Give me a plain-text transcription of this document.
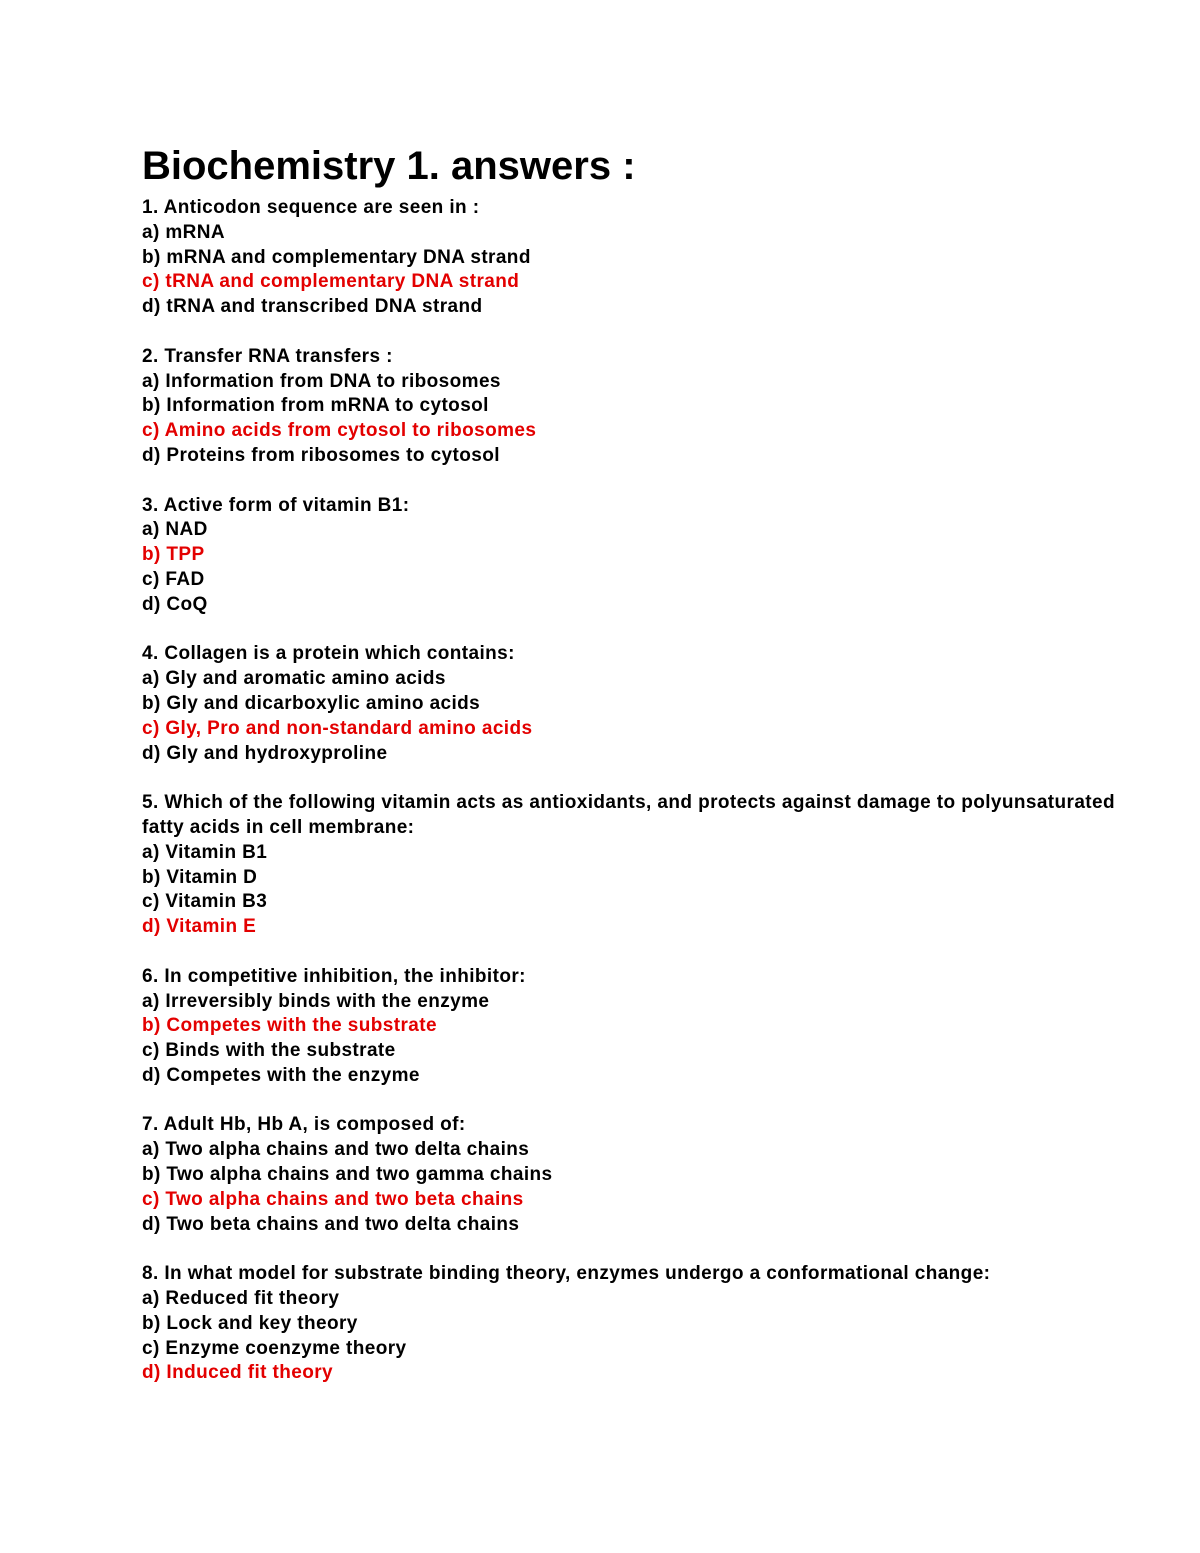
Biochemistry 1. answers :
1. Anticodon sequence are seen in :
a) mRNA
b) mRNA and complementary DNA strand
c) tRNA and complementary DNA strand
d) tRNA and transcribed DNA strand
2. Transfer RNA transfers :
a) Information from DNA to ribosomes
b) Information from mRNA to cytosol
c) Amino acids from cytosol to ribosomes
d) Proteins from ribosomes to cytosol
3. Active form of vitamin B1:
a) NAD
b) TPP
c) FAD
d) CoQ
4. Collagen is a protein which contains:
a) Gly and aromatic amino acids
b) Gly and dicarboxylic amino acids
c) Gly, Pro and non-standard amino acids
d) Gly and hydroxyproline
5. Which of the following vitamin acts as antioxidants, and protects against damage to polyunsaturated fatty acids in cell membrane:
a) Vitamin B1
b) Vitamin D
c) Vitamin B3
d) Vitamin E
6. In competitive inhibition, the inhibitor:
a) Irreversibly binds with the enzyme
b) Competes with the substrate
c) Binds with the substrate
d) Competes with the enzyme
7. Adult Hb, Hb A, is composed of:
a) Two alpha chains and two delta chains
b) Two alpha chains and two gamma chains
c) Two alpha chains and two beta chains
d) Two beta chains and two delta chains
8. In what model for substrate binding theory, enzymes undergo a conformational change:
a) Reduced fit theory
b) Lock and key theory
c) Enzyme coenzyme theory
d) Induced fit theory
